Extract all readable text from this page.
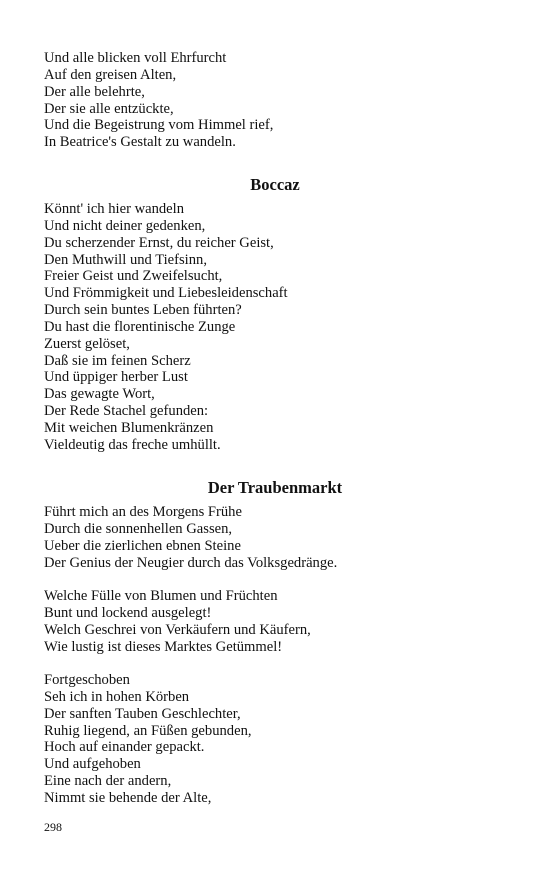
Und alle blicken voll Ehrfurcht
Auf den greisen Alten,
Der alle belehrte,
Der sie alle entzückte,
Und die Begeistrung vom Himmel rief,
In Beatrice's Gestalt zu wandeln.
Boccaz
Könnt' ich hier wandeln
Und nicht deiner gedenken,
Du scherzender Ernst, du reicher Geist,
Den Muthwill und Tiefsinn,
Freier Geist und Zweifelsucht,
Und Frömmigkeit und Liebesleidenschaft
Durch sein buntes Leben führten?
Du hast die florentinische Zunge
Zuerst gelöset,
Daß sie im feinen Scherz
Und üppiger herber Lust
Das gewagte Wort,
Der Rede Stachel gefunden:
Mit weichen Blumenkränzen
Vieldeutig das freche umhüllt.
Der Traubenmarkt
Führt mich an des Morgens Frühe
Durch die sonnenhellen Gassen,
Ueber die zierlichen ebnen Steine
Der Genius der Neugier durch das Volksgedränge.
Welche Fülle von Blumen und Früchten
Bunt und lockend ausgelegt!
Welch Geschrei von Verkäufern und Käufern,
Wie lustig ist dieses Marktes Getümmel!
Fortgeschoben
Seh ich in hohen Körben
Der sanften Tauben Geschlechter,
Ruhig liegend, an Füßen gebunden,
Hoch auf einander gepackt.
Und aufgehoben
Eine nach der andern,
Nimmt sie behende der Alte,
298
